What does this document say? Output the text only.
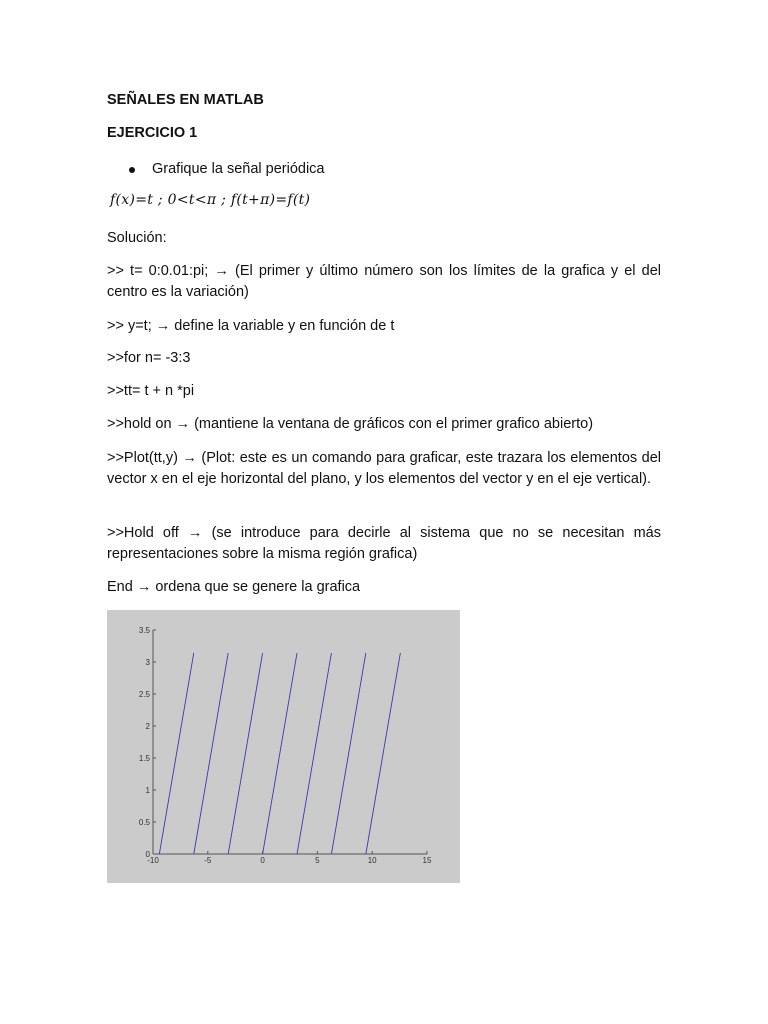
SEÑALES EN MATLAB
EJERCICIO 1
Grafique la señal periódica
f(x)=t ; 0<t<π ; f(t+π)=f(t)
Solución:
>> t= 0:0.01:pi; → (El primer y último número son los límites de la grafica y el del centro es la variación)
>> y=t; → define la variable y en función de t
>>for n= -3:3
>>tt= t + n *pi
>>hold on → (mantiene la ventana de gráficos con el primer grafico abierto)
>>Plot(tt,y) → (Plot: este es un comando para graficar, este trazara los elementos del vector x en el eje horizontal del plano, y los elementos del vector y en el eje vertical).
>>Hold off → (se introduce para decirle al sistema que no se necesitan más representaciones sobre la misma región grafica)
End → ordena que se genere la grafica
-10	-5	0	5	10	15
0
0.5
1
1.5
2
2.5
3
3.5
